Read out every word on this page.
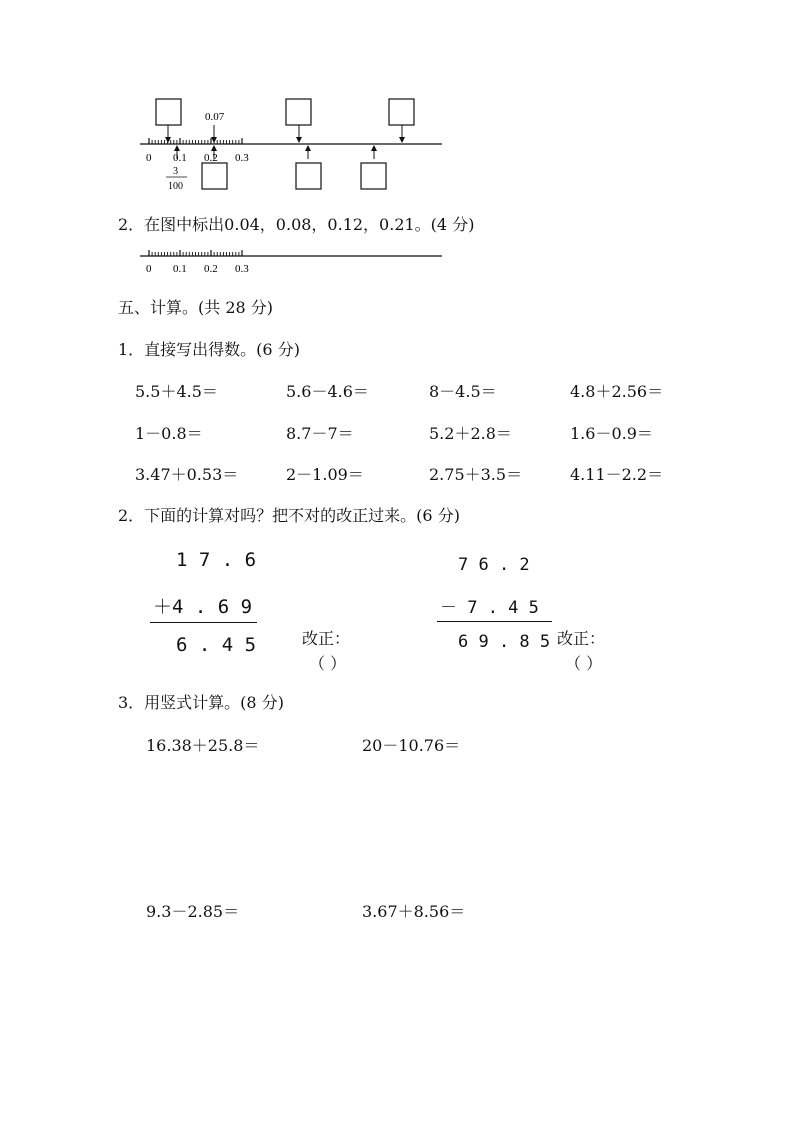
0.07
0 0.1 0.2 0.3
3
100
2．在图中标出0.04，0.08，0.12，0.21。(4 分)
0 0.1 0.2 0.3
五、计算。(共 28 分)
1．直接写出得数。(6 分)
5.5＋4.5＝	5.6－4.6＝	8－4.5＝	4.8＋2.56＝
1－0.8＝	8.7－7＝	5.2＋2.8＝	1.6－0.9＝
3.47＋0.53＝	2－1.09＝	2.75＋3.5＝	4.11－2.2＝
2．下面的计算对吗？把不对的改正过来。(6 分)
1 7 . 6
＋4 . 6 9
6 . 4 5	改正：
（ ）
7 6 . 2
－ 7 . 4 5
6 9 . 8 5 改正：
（ ）
3．用竖式计算。(8 分)
16.38＋25.8＝	20－10.76＝
9.3－2.85＝	3.67＋8.56＝
